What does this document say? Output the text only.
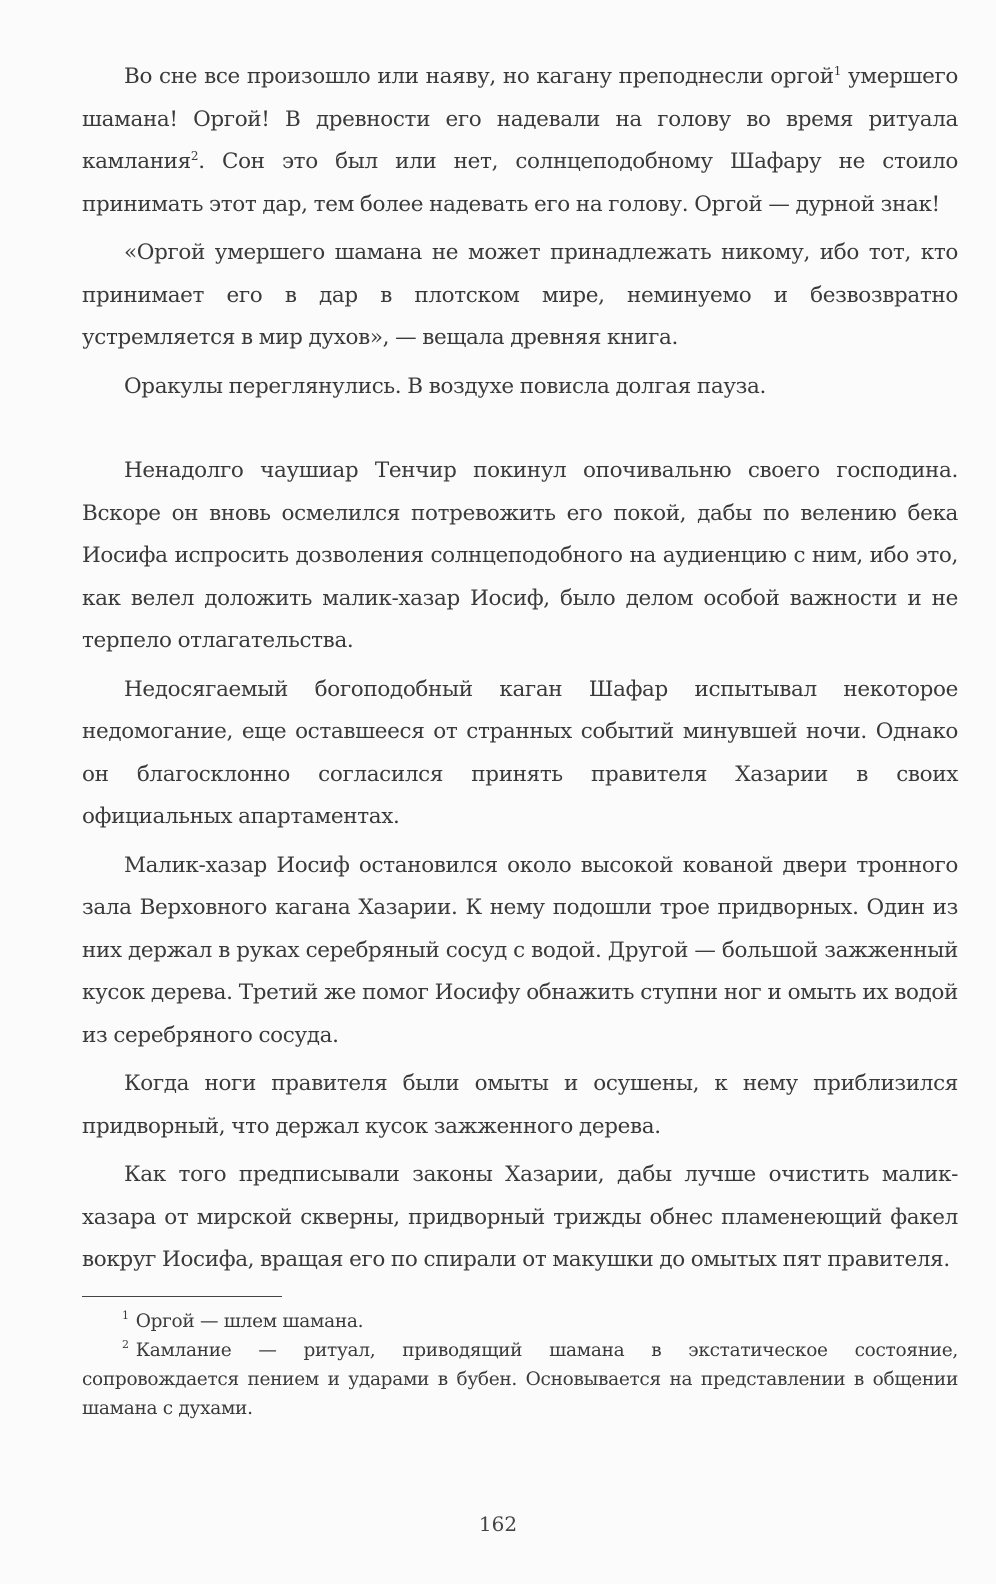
Во сне все произошло или наяву, но кагану преподнесли оргой$^1$ умершего шамана! Оргой! В древности его надевали на голову во время ритуала камлания$^2$. Сон это был или нет, солнцеподобному Шафару не стоило принимать этот дар, тем более надевать его на голову. Оргой — дурной знак!

«Оргой умершего шамана не может принадлежать никому, ибо тот, кто принимает его в дар в плотском мире, неминуемо и безвозвратно устремляется в мир духов», — вещала древняя книга.

Оракулы переглянулись. В воздухе повисла долгая пауза.

Ненадолго чаушиар Тенчир покинул опочивальню своего господина. Вскоре он вновь осмелился потревожить его покой, дабы по велению бека Иосифа испросить дозволения солнцеподобного на аудиенцию с ним, ибо это, как велел доложить малик-хазар Иосиф, было делом особой важности и не терпело отлагательства.

Недосягаемый богоподобный каган Шафар испытывал некоторое недомогание, еще оставшееся от странных событий минувшей ночи. Однако он благосклонно согласился принять правителя Хазарии в своих официальных апартаментах.

Малик-хазар Иосиф остановился около высокой кованой двери тронного зала Верховного кагана Хазарии. К нему подошли трое придворных. Один из них держал в руках серебряный сосуд с водой. Другой — большой зажженный кусок дерева. Третий же помог Иосифу обнажить ступни ног и омыть их водой из серебряного сосуда.

Когда ноги правителя были омыты и осушены, к нему приблизился придворный, что держал кусок зажженного дерева.

Как того предписывали законы Хазарии, дабы лучше очистить малик-хазара от мирской скверны, придворный трижды обнес пламенеющий факел вокруг Иосифа, вращая его по спирали от макушки до омытых пят правителя.

$^1$ Оргой — шлем шамана.

$^2$ Камлание — ритуал, приводящий шамана в экстатическое состояние, сопровождается пением и ударами в бубен. Основывается на представлении в общении шамана с духами.

162
